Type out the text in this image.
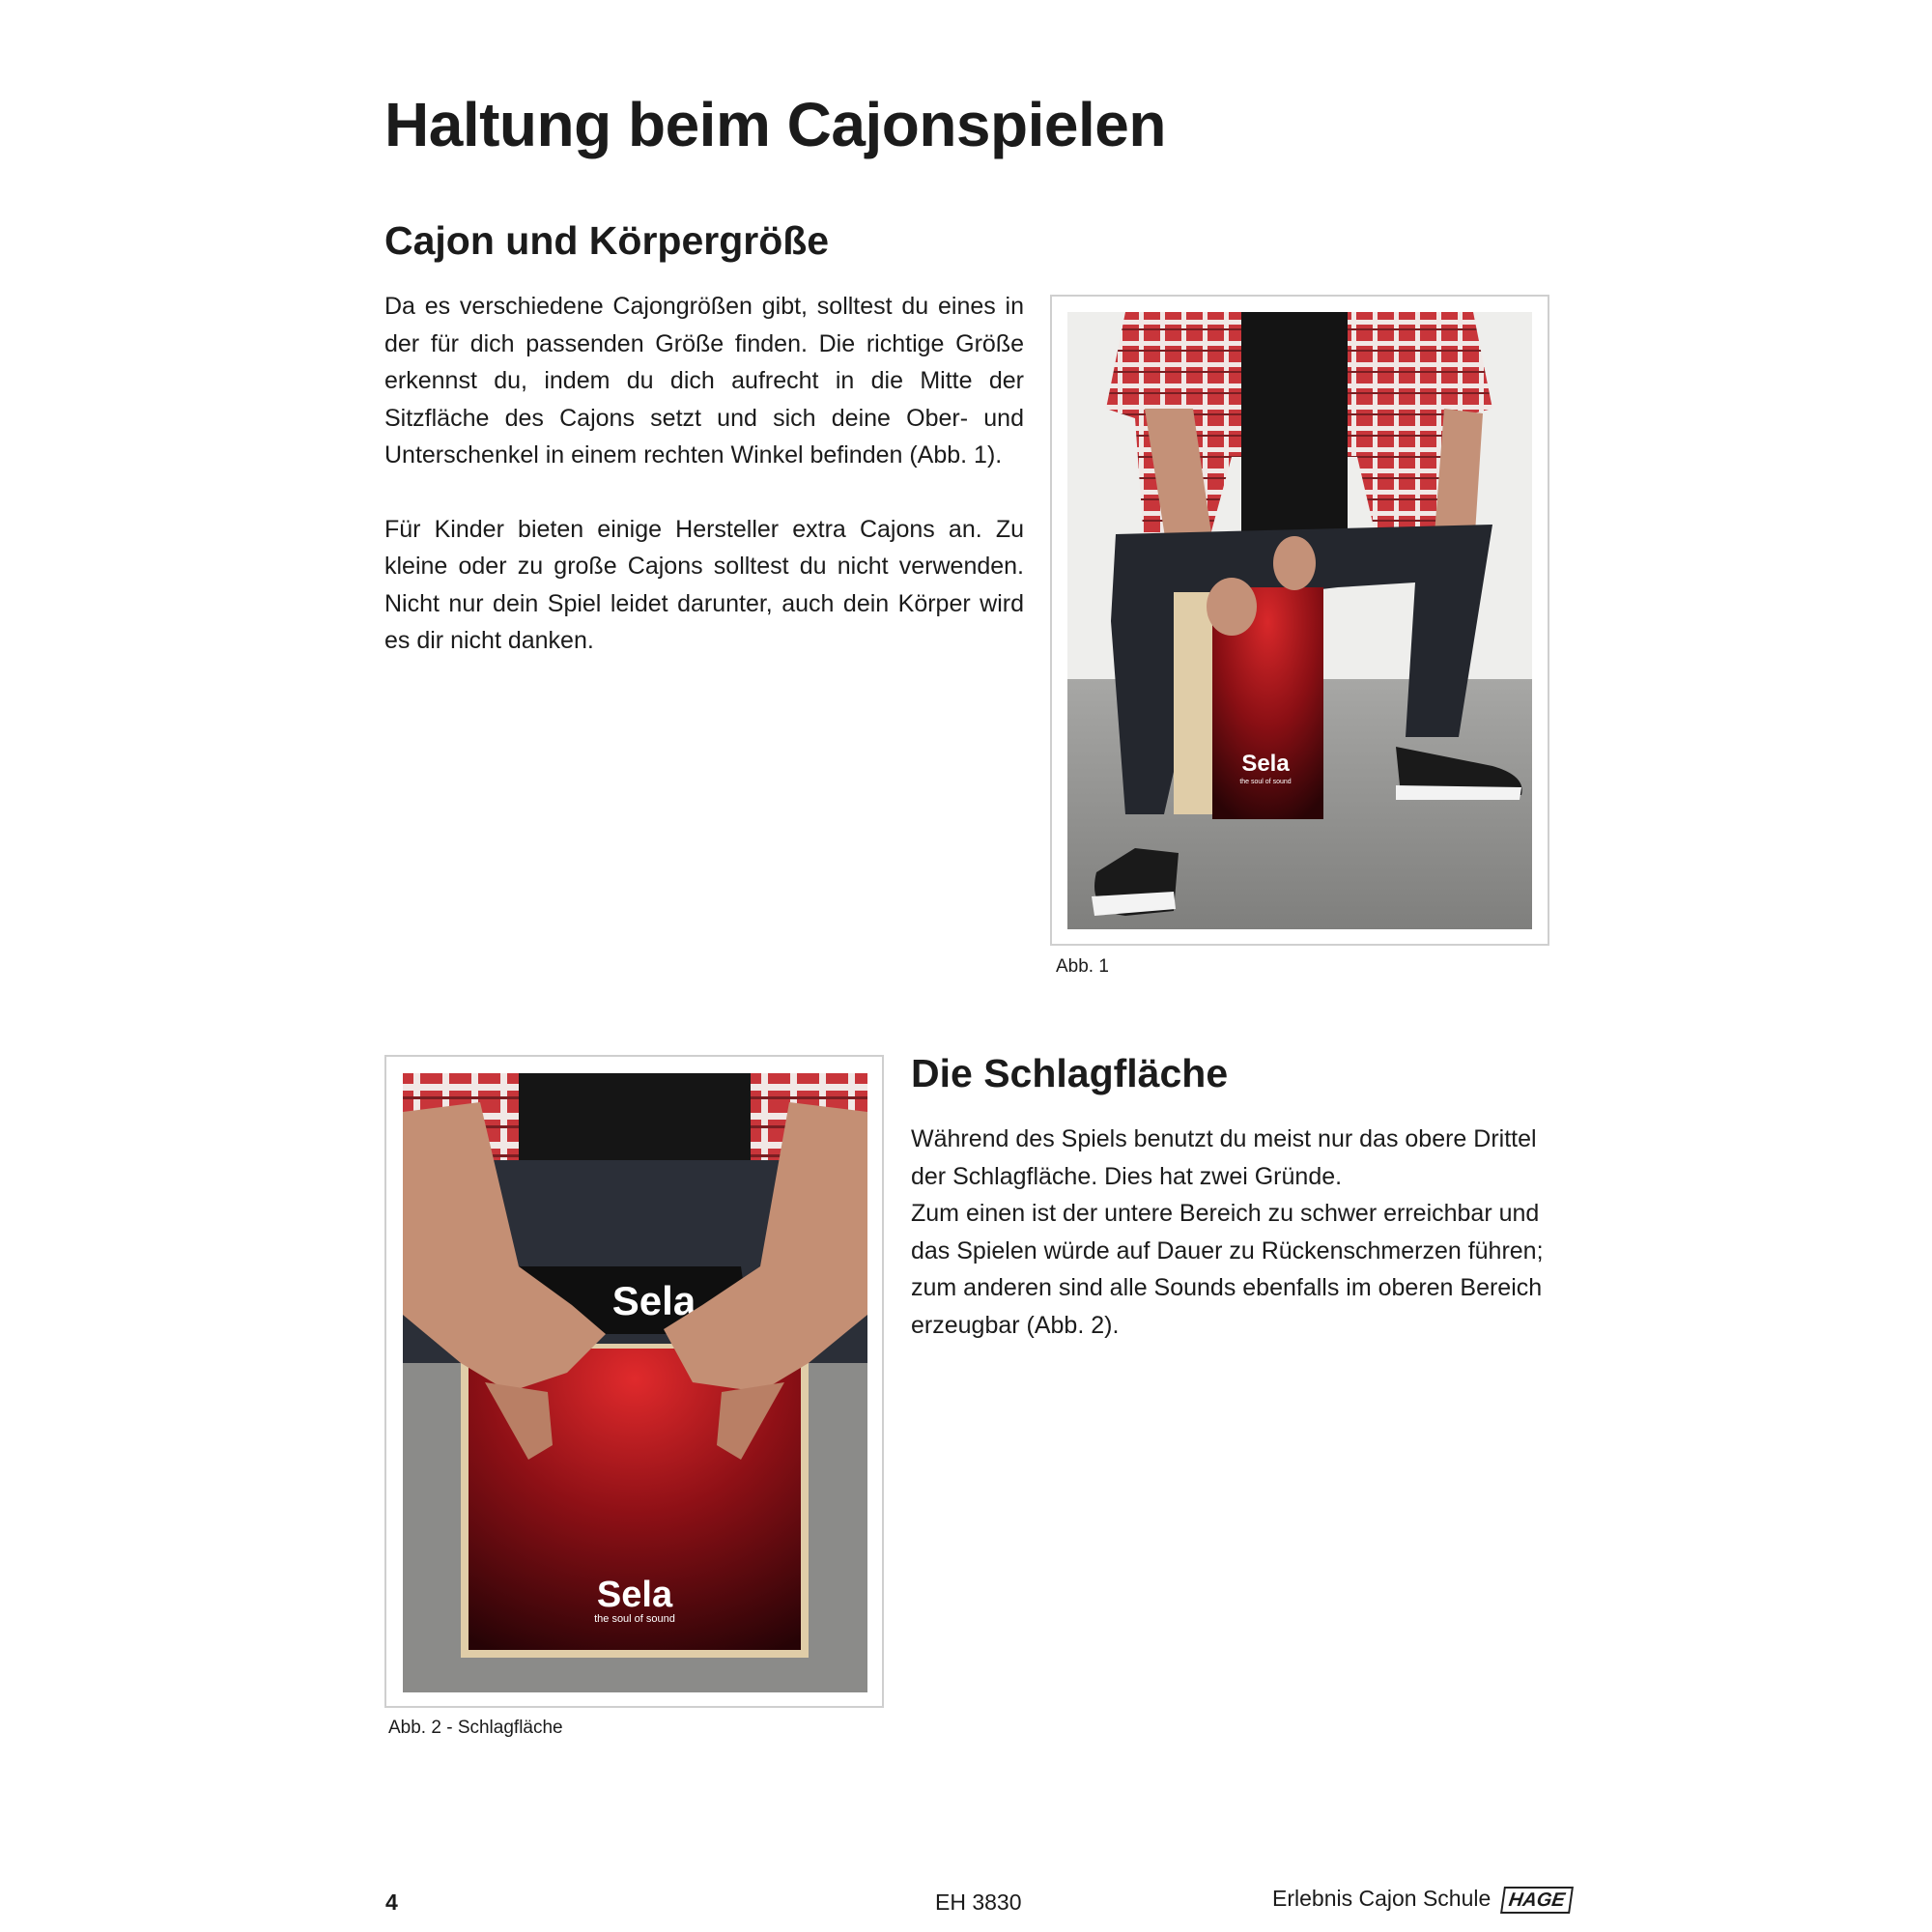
Haltung beim Cajonspielen
Cajon und Körpergröße

Da es verschiedene Cajongrößen gibt, solltest du eines in der für dich passenden Größe finden. Die richtige Größe erkennst du, indem du dich aufrecht in die Mitte der Sitzfläche des Cajons setzt und sich deine Ober- und Unterschenkel in einem rechten Winkel befinden (Abb. 1).

Für Kinder bieten einige Hersteller extra Cajons an. Zu kleine oder zu große Cajons solltest du nicht verwenden. Nicht nur dein Spiel leidet darunter, auch dein Körper wird es dir nicht danken.

Sela
the soul of sound
Abb. 1
Sela
Sela
the soul of sound
Abb. 2 - Schlagfläche
Die Schlagfläche

Während des Spiels benutzt du meist nur das obere Drittel der Schlagfläche. Dies hat zwei Gründe.

Zum einen ist der untere Bereich zu schwer erreichbar und das Spielen würde auf Dauer zu Rückenschmerzen führen; zum anderen sind alle Sounds ebenfalls im oberen Bereich erzeugbar (Abb. 2).

4	EH 3830	Erlebnis Cajon Schule HAGE
